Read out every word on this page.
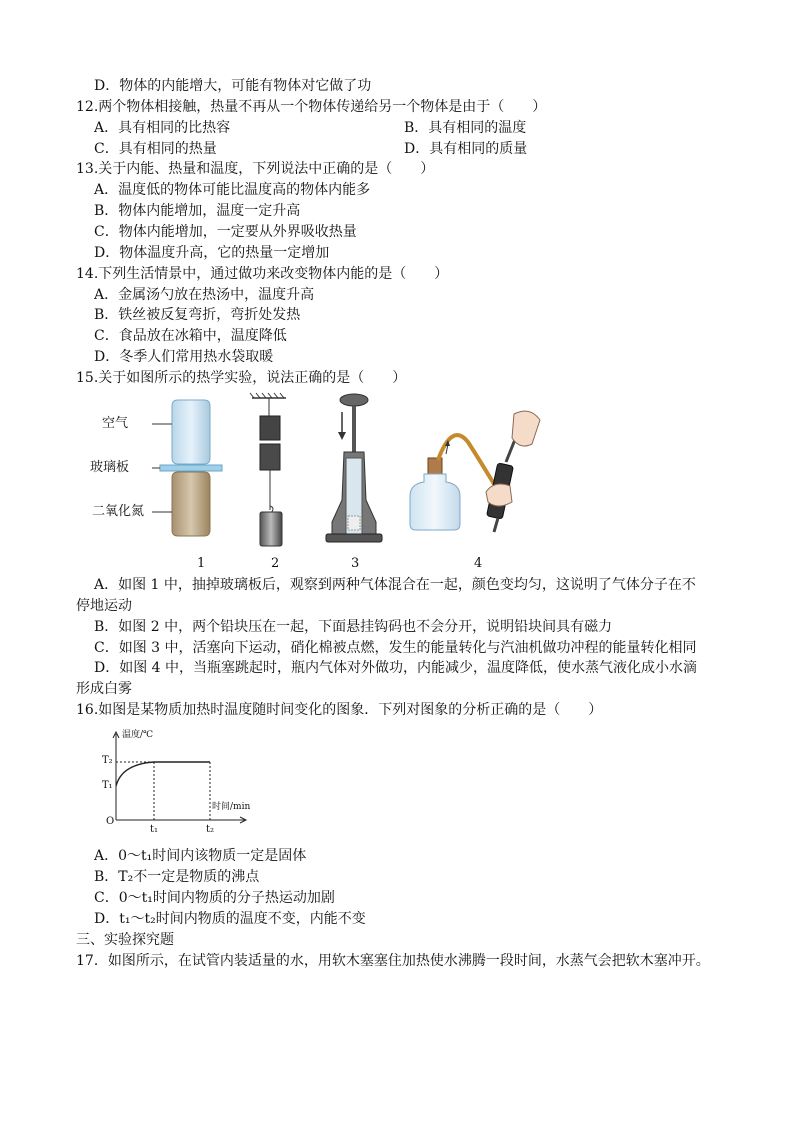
D．物体的内能增大，可能有物体对它做了功
12.两个物体相接触，热量不再从一个物体传递给另一个物体是由于（　　）
A．具有相同的比热容	B．具有相同的温度
C．具有相同的热量	D．具有相同的质量
13.关于内能、热量和温度，下列说法中正确的是（　　）
A．温度低的物体可能比温度高的物体内能多
B．物体内能增加，温度一定升高
C．物体内能增加，一定要从外界吸收热量
D．物体温度升高，它的热量一定增加
14.下列生活情景中，通过做功来改变物体内能的是（　　）
A．金属汤勺放在热汤中，温度升高
B．铁丝被反复弯折，弯折处发热
C．食品放在冰箱中，温度降低
D．冬季人们常用热水袋取暖
15.关于如图所示的热学实验，说法正确的是（　　）
空气
玻璃板
二氧化氮
1	2	3	4
A．如图 1 中，抽掉玻璃板后，观察到两种气体混合在一起，颜色变均匀，这说明了气体分子在不
停地运动
B．如图 2 中，两个铅块压在一起，下面悬挂钩码也不会分开，说明铅块间具有磁力
C．如图 3 中，活塞向下运动，硝化棉被点燃，发生的能量转化与汽油机做功冲程的能量转化相同
D．如图 4 中，当瓶塞跳起时，瓶内气体对外做功，内能减少，温度降低，使水蒸气液化成小水滴
形成白雾
16.如图是某物质加热时温度随时间变化的图象．下列对图象的分析正确的是（　　）
温度/℃
时间/min
T₂
T₁
O
t₁	t₂
A．0～t₁时间内该物质一定是固体
B．T₂不一定是物质的沸点
C．0～t₁时间内物质的分子热运动加剧
D．t₁～t₂时间内物质的温度不变，内能不变
三、实验探究题
17．如图所示，在试管内装适量的水，用软木塞塞住加热使水沸腾一段时间，水蒸气会把软木塞冲开。
